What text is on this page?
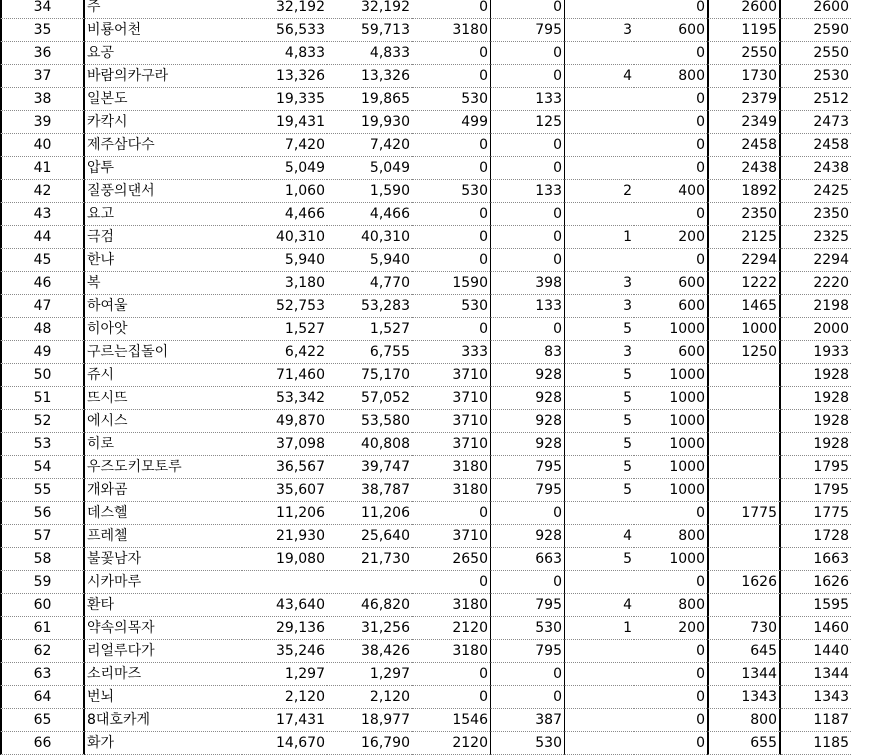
34	주	32,192	32,192	0	0		0	2600	2600
35	비룡어천	56,533	59,713	3180	795	3	600	1195	2590
36	요공	4,833	4,833	0	0		0	2550	2550
37	바람의카구라	13,326	13,326	0	0	4	800	1730	2530
38	일본도	19,335	19,865	530	133		0	2379	2512
39	카칵시	19,431	19,930	499	125		0	2349	2473
40	제주삼다수	7,420	7,420	0	0		0	2458	2458
41	압투	5,049	5,049	0	0		0	2438	2438
42	질풍의댄서	1,060	1,590	530	133	2	400	1892	2425
43	요고	4,466	4,466	0	0		0	2350	2350
44	극검	40,310	40,310	0	0	1	200	2125	2325
45	한냐	5,940	5,940	0	0		0	2294	2294
46	복	3,180	4,770	1590	398	3	600	1222	2220
47	하여울	52,753	53,283	530	133	3	600	1465	2198
48	히아앗	1,527	1,527	0	0	5	1000	1000	2000
49	구르는집돌이	6,422	6,755	333	83	3	600	1250	1933
50	쥬시	71,460	75,170	3710	928	5	1000		1928
51	뜨시뜨	53,342	57,052	3710	928	5	1000		1928
52	에시스	49,870	53,580	3710	928	5	1000		1928
53	히로	37,098	40,808	3710	928	5	1000		1928
54	우즈도키모토루	36,567	39,747	3180	795	5	1000		1795
55	개와곰	35,607	38,787	3180	795	5	1000		1795
56	데스헬	11,206	11,206	0	0		0	1775	1775
57	프레첼	21,930	25,640	3710	928	4	800		1728
58	불꽃남자	19,080	21,730	2650	663	5	1000		1663
59	시카마루			0	0		0	1626	1626
60	환타	43,640	46,820	3180	795	4	800		1595
61	약속의목자	29,136	31,256	2120	530	1	200	730	1460
62	리얼루다가	35,246	38,426	3180	795		0	645	1440
63	소리마즈	1,297	1,297	0	0		0	1344	1344
64	번뇌	2,120	2,120	0	0		0	1343	1343
65	8대호카게	17,431	18,977	1546	387		0	800	1187
66	화가	14,670	16,790	2120	530		0	655	1185
